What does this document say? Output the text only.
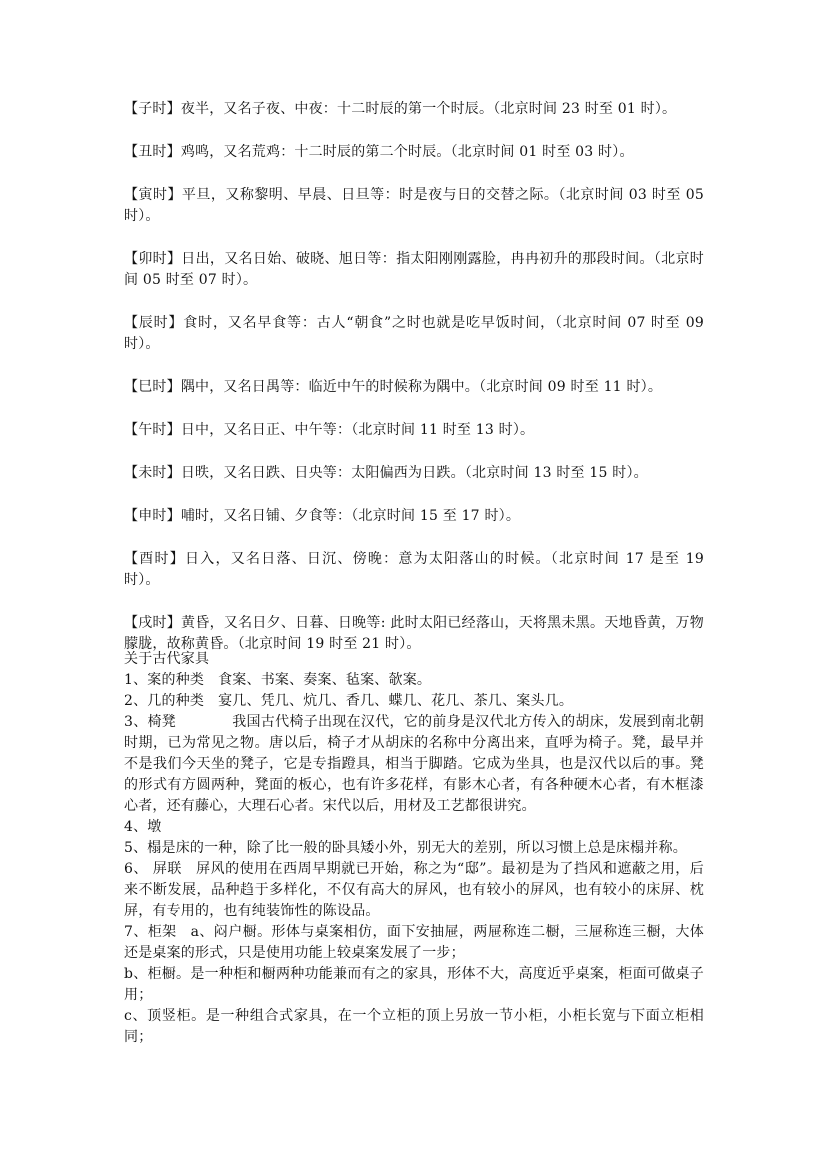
【子时】夜半，又名子夜、中夜：十二时辰的第一个时辰。（北京时间 23 时至 01 时）。

【丑时】鸡鸣，又名荒鸡：十二时辰的第二个时辰。（北京时间 01 时至 03 时）。

【寅时】平旦，又称黎明、早晨、日旦等：时是夜与日的交替之际。（北京时间 03 时至 05 时）。

【卯时】日出，又名日始、破晓、旭日等：指太阳刚刚露脸，冉冉初升的那段时间。（北京时间 05 时至 07 时）。

【辰时】食时，又名早食等：古人“朝食”之时也就是吃早饭时间，（北京时间 07 时至 09 时）。

【巳时】隅中，又名日禺等：临近中午的时候称为隅中。（北京时间 09 时至 11 时）。

【午时】日中，又名日正、中午等：（北京时间 11 时至 13 时）。

【未时】日昳，又名日跌、日央等：太阳偏西为日跌。（北京时间 13 时至 15 时）。

【申时】哺时，又名日铺、夕食等：（北京时间 15 至 17 时）。

【酉时】日入，又名日落、日沉、傍晚：意为太阳落山的时候。（北京时间 17 是至 19 时）。

【戌时】黄昏，又名日夕、日暮、日晚等: 此时太阳已经落山，天将黑未黑。天地昏黄，万物朦胧，故称黄昏。（北京时间 19 时至 21 时）。

关于古代家具

1、案的种类 食案、书案、奏案、毡案、欹案。

2、几的种类 宴几、凭几、炕几、香几、蝶几、花几、茶几、案头几。

3、椅凳	我国古代椅子出现在汉代，它的前身是汉代北方传入的胡床，发展到南北朝时期，已为常见之物。唐以后，椅子才从胡床的名称中分离出来，直呼为椅子。凳，最早并不是我们今天坐的凳子，它是专指蹬具，相当于脚踏。它成为坐具，也是汉代以后的事。凳的形式有方圆两种，凳面的板心，也有许多花样，有影木心者，有各种硬木心者，有木框漆心者，还有藤心，大理石心者。宋代以后，用材及工艺都很讲究。

4、墩

5、榻是床的一种，除了比一般的卧具矮小外，别无大的差别，所以习惯上总是床榻并称。

6、 屏联 屏风的使用在西周早期就已开始，称之为“邸”。最初是为了挡风和遮蔽之用，后来不断发展，品种趋于多样化，不仅有高大的屏风，也有较小的屏风，也有较小的床屏、枕屏，有专用的，也有纯装饰性的陈设品。

7、柜架 a、闷户橱。形体与桌案相仿，面下安抽屉，两屉称连二橱，三屉称连三橱，大体还是桌案的形式，只是使用功能上较桌案发展了一步；

b、柜橱。是一种柜和橱两种功能兼而有之的家具，形体不大，高度近乎桌案，柜面可做桌子用；

c、顶竖柜。是一种组合式家具，在一个立柜的顶上另放一节小柜，小柜长宽与下面立柜相同；
